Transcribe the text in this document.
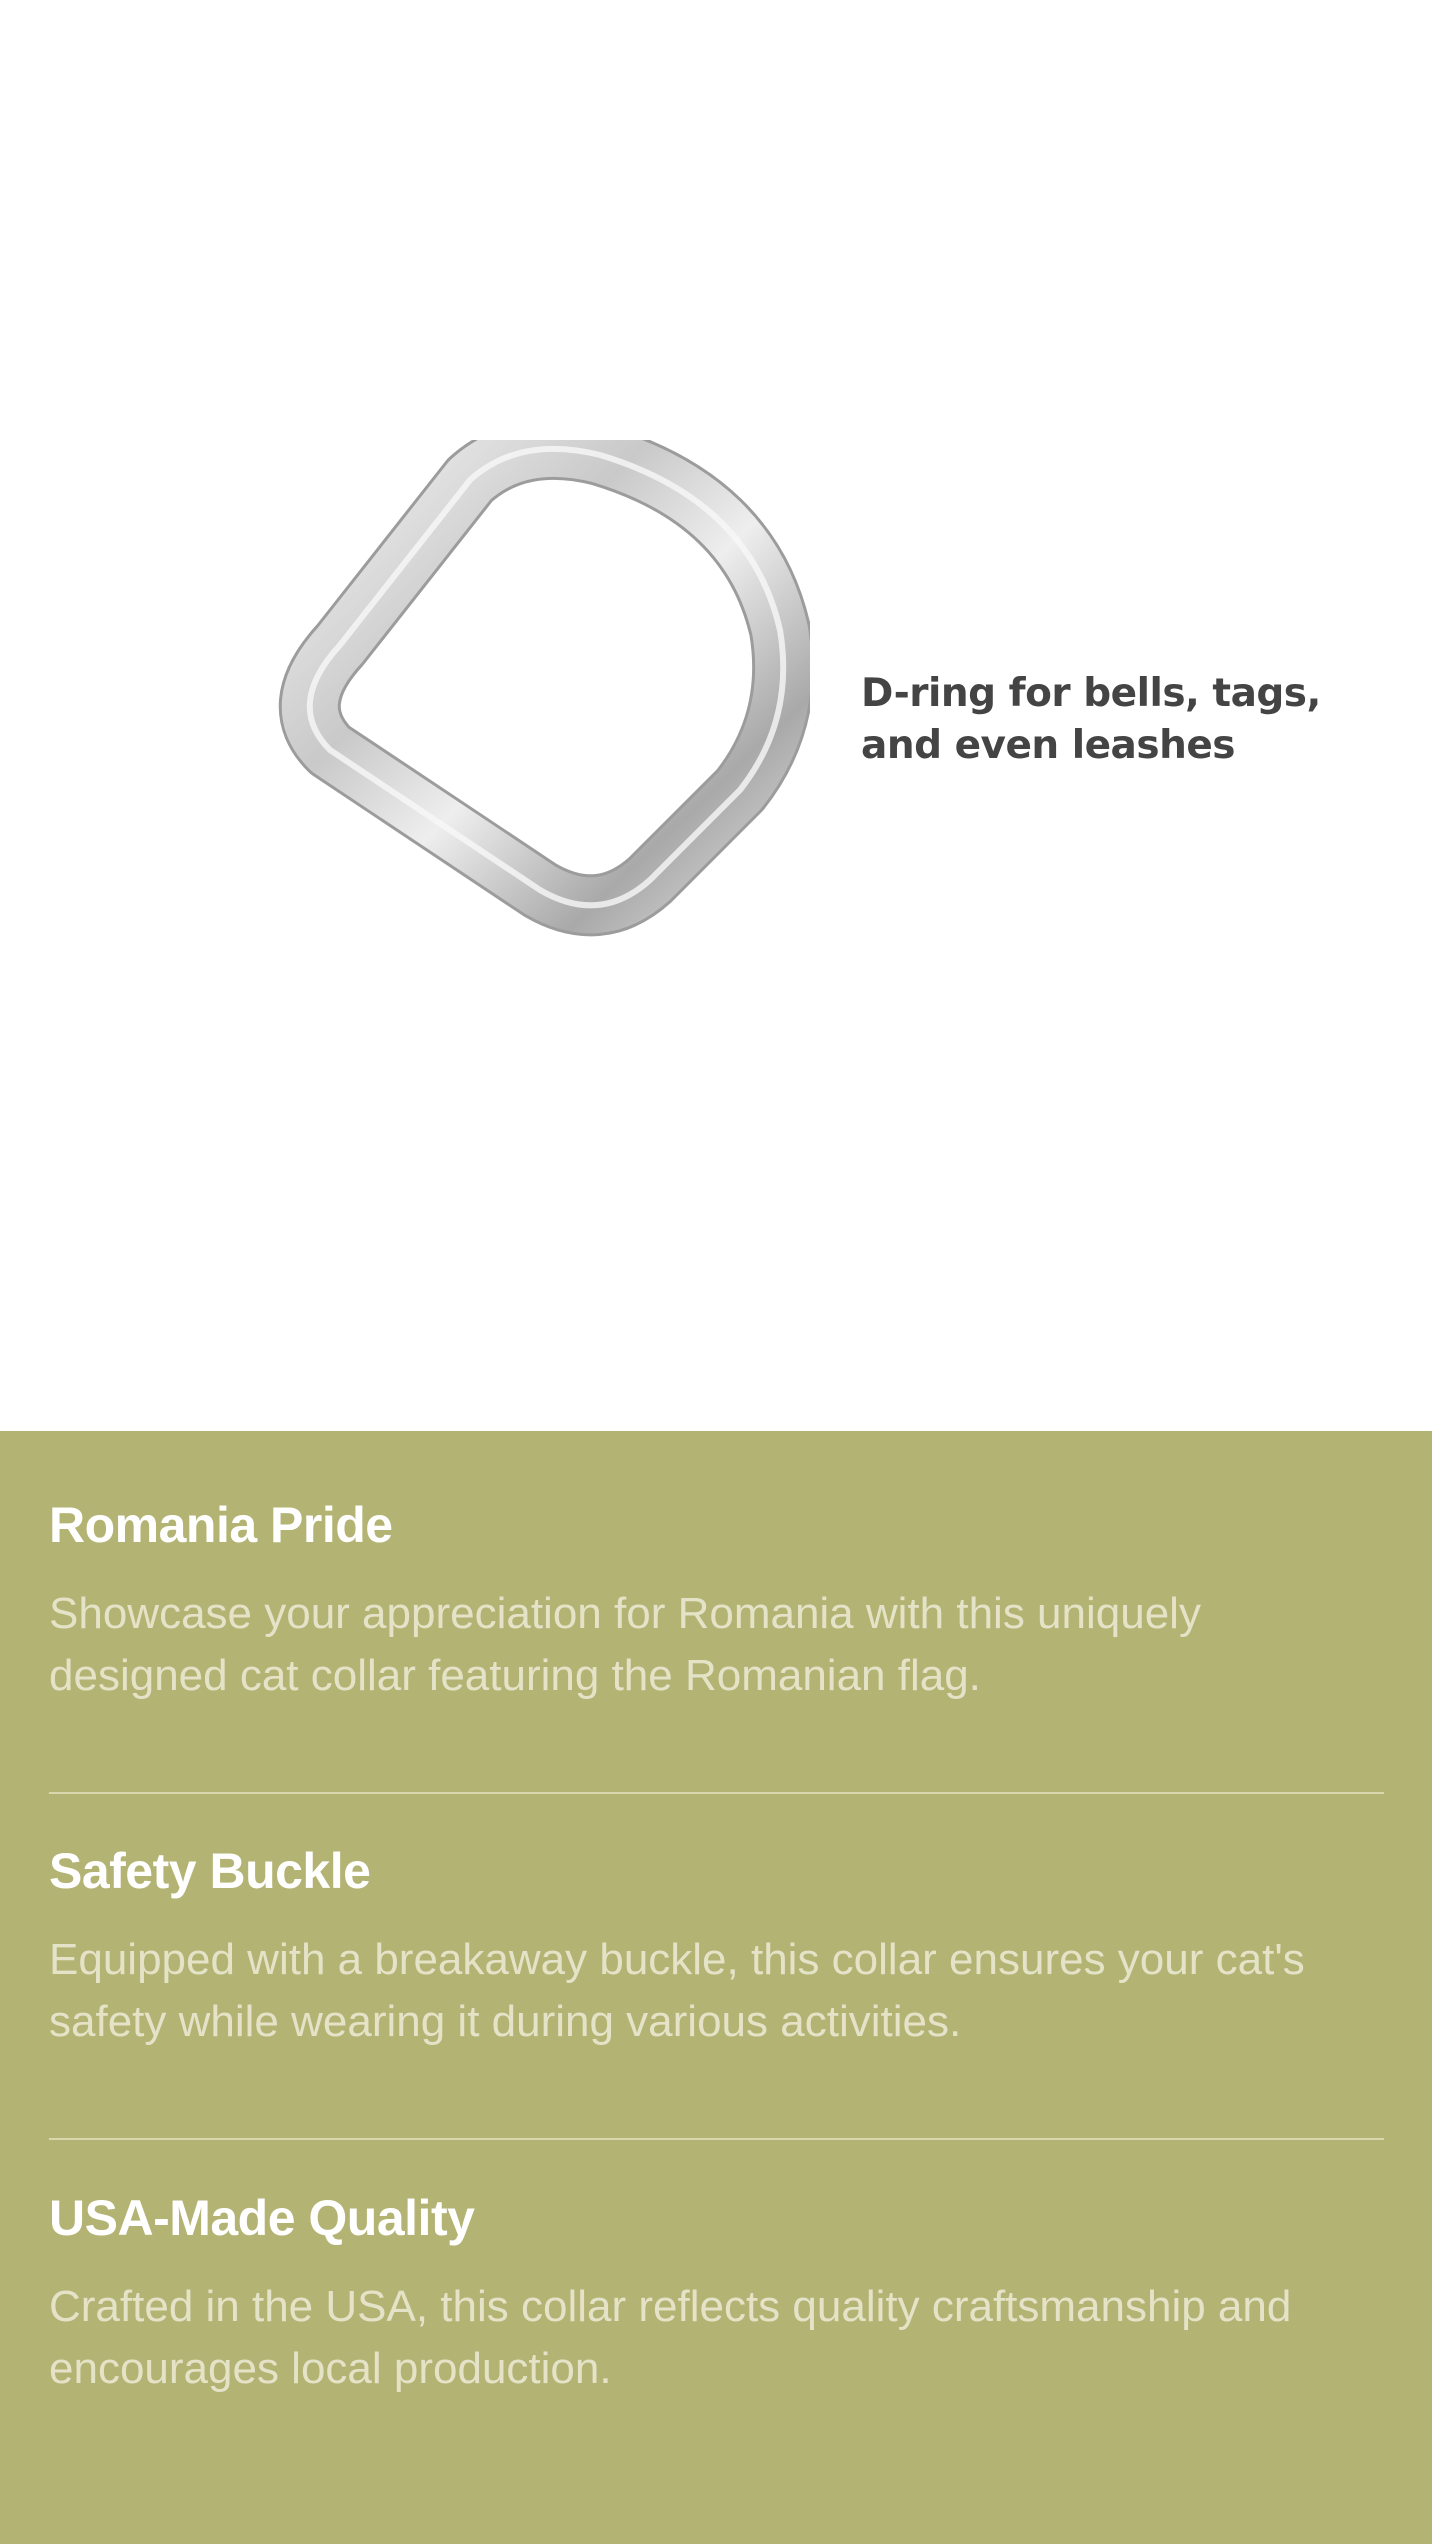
D-ring for bells, tags,
and even leashes
Romania Pride

Showcase your appreciation for Romania with this uniquely designed cat collar featuring the Romanian flag.

Safety Buckle

Equipped with a breakaway buckle, this collar ensures your cat's safety while wearing it during various activities.

USA-Made Quality

Crafted in the USA, this collar reflects quality craftsmanship and encourages local production.
